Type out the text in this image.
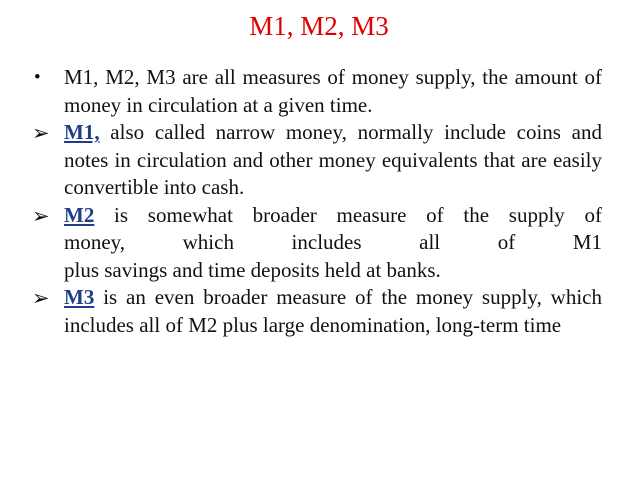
M1, M2, M3
•	M1, M2, M3 are all measures of money supply, the amount of money in circulation at a given time.
➢ M1, also called narrow money, normally include coins and notes in circulation and other money equivalents that are easily convertible into cash.
➢ M2 is somewhat broader measure of the supply of
money, which includes all of M1
plus savings and time deposits held at banks.
➢ M3 is an even broader measure of the money supply, which includes all of M2 plus large denomination, long-term time
